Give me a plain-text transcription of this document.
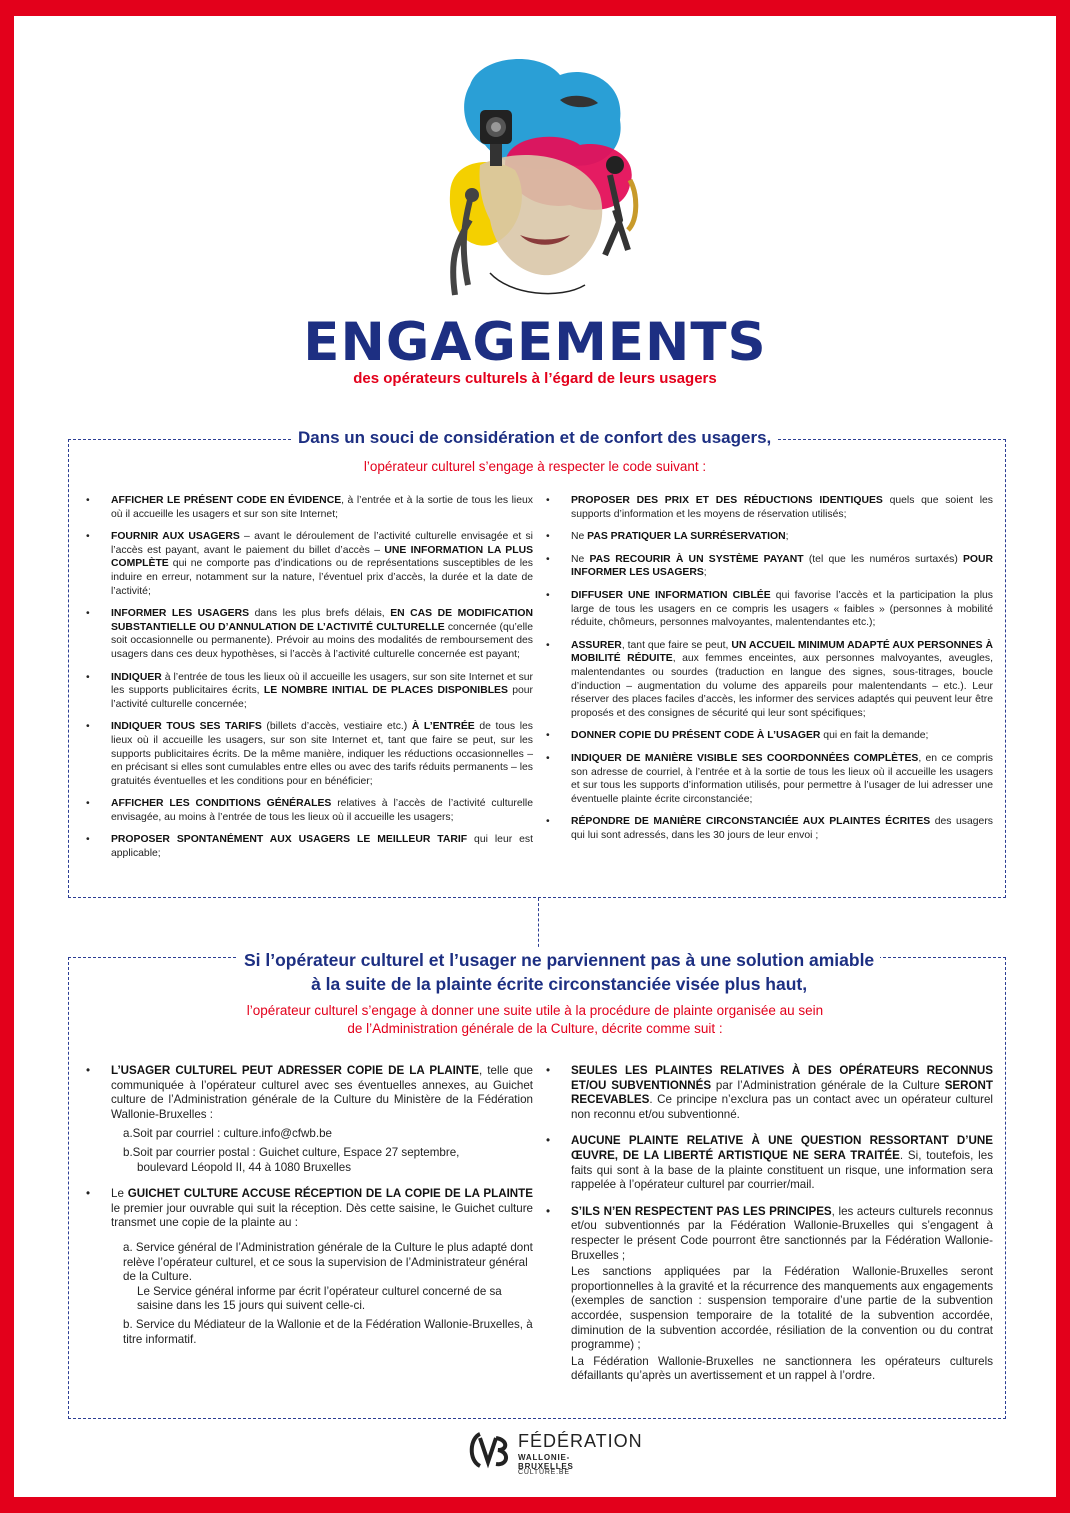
ENGAGEMENTS
des opérateurs culturels à l’égard de leurs usagers
Dans un souci de considération et de confort des usagers,
l’opérateur culturel s’engage à respecter le code suivant :
• AFFICHER LE PRÉSENT CODE EN ÉVIDENCE, à l’entrée et à la sortie de tous les lieux où il accueille les usagers et sur son site Internet;
• FOURNIR AUX USAGERS – avant le déroulement de l’activité culturelle envisagée et si l’accès est payant, avant le paiement du billet d’accès – UNE INFORMATION LA PLUS COMPLÈTE qui ne comporte pas d’indications ou de représentations susceptibles de les induire en erreur, notamment sur la nature, l’éventuel prix d’accès, la durée et la date de l’activité;
• INFORMER LES USAGERS dans les plus brefs délais, EN CAS DE MODIFICATION SUBSTANTIELLE OU D’ANNULATION DE L’ACTIVITÉ CULTURELLE concernée (qu’elle soit occasionnelle ou permanente). Prévoir au moins des modalités de remboursement des usagers dans ces deux hypothèses, si l’accès à l’activité culturelle concernée est payant;
• INDIQUER à l’entrée de tous les lieux où il accueille les usagers, sur son site Internet et sur les supports publicitaires écrits, LE NOMBRE INITIAL DE PLACES DISPONIBLES pour l’activité culturelle concernée;
• INDIQUER TOUS SES TARIFS (billets d’accès, vestiaire etc.) À L’ENTRÉE de tous les lieux où il accueille les usagers, sur son site Internet et, tant que faire se peut, sur les supports publicitaires écrits. De la même manière, indiquer les réductions occasionnelles – en précisant si elles sont cumulables entre elles ou avec des tarifs réduits permanents – les gratuités éventuelles et les conditions pour en bénéficier;
• AFFICHER LES CONDITIONS GÉNÉRALES relatives à l’accès de l’activité culturelle envisagée, au moins à l’entrée de tous les lieux où il accueille les usagers;
• PROPOSER SPONTANÉMENT AUX USAGERS LE MEILLEUR TARIF qui leur est applicable;
• PROPOSER DES PRIX ET DES RÉDUCTIONS IDENTIQUES quels que soient les supports d’information et les moyens de réservation utilisés;
• Ne PAS PRATIQUER LA SURRÉSERVATION;
• Ne PAS RECOURIR À UN SYSTÈME PAYANT (tel que les numéros surtaxés) POUR INFORMER LES USAGERS;
• DIFFUSER UNE INFORMATION CIBLÉE qui favorise l’accès et la participation la plus large de tous les usagers en ce compris les usagers « faibles » (personnes à mobilité réduite, chômeurs, personnes malvoyantes, malentendantes etc.);
• ASSURER, tant que faire se peut, UN ACCUEIL MINIMUM ADAPTÉ AUX PERSONNES À MOBILITÉ RÉDUITE, aux femmes enceintes, aux personnes malvoyantes, aveugles, malentendantes ou sourdes (traduction en langue des signes, sous-titrages, boucle d’induction – augmentation du volume des appareils pour malentendants – etc.). Leur réserver des places faciles d’accès, les informer des services adaptés qui peuvent leur être proposés et des consignes de sécurité qui leur sont spécifiques;
• DONNER COPIE DU PRÉSENT CODE À L’USAGER qui en fait la demande;
• INDIQUER DE MANIÈRE VISIBLE SES COORDONNÉES COMPLÈTES, en ce compris son adresse de courriel, à l’entrée et à la sortie de tous les lieux où il accueille les usagers et sur tous les supports d’information utilisés, pour permettre à l’usager de lui adresser une éventuelle plainte écrite circonstanciée;
• RÉPONDRE DE MANIÈRE CIRCONSTANCIÉE AUX PLAINTES ÉCRITES des usagers qui lui sont adressés, dans les 30 jours de leur envoi ;
Si l’opérateur culturel et l’usager ne parviennent pas à une solution amiable
à la suite de la plainte écrite circonstanciée visée plus haut,
l’opérateur culturel s’engage à donner une suite utile à la procédure de plainte organisée au sein
de l’Administration générale de la Culture, décrite comme suit :
• L’USAGER CULTUREL PEUT ADRESSER COPIE DE LA PLAINTE, telle que communiquée à l’opérateur culturel avec ses éventuelles annexes, au Guichet culture de l’Administration générale de la Culture du Ministère de la Fédération Wallonie-Bruxelles :
a.Soit par courriel : culture.info@cfwb.be
b.Soit par courrier postal : Guichet culture, Espace 27 septembre,
boulevard Léopold II, 44 à 1080 Bruxelles
• Le GUICHET CULTURE ACCUSE RÉCEPTION DE LA COPIE DE LA PLAINTE le premier jour ouvrable qui suit la réception. Dès cette saisine, le Guichet culture transmet une copie de la plainte au :
a. Service général de l’Administration générale de la Culture le plus adapté dont relève l’opérateur culturel, et ce sous la supervision de l’Administrateur général de la Culture.
Le Service général informe par écrit l’opérateur culturel concerné de sa saisine dans les 15 jours qui suivent celle-ci.
b. Service du Médiateur de la Wallonie et de la Fédération Wallonie-Bruxelles, à titre informatif.
• SEULES LES PLAINTES RELATIVES À DES OPÉRATEURS RECONNUS ET/OU SUBVENTIONNÉS par l’Administration générale de la Culture SERONT RECEVABLES. Ce principe n’exclura pas un contact avec un opérateur culturel non reconnu et/ou subventionné.
• AUCUNE PLAINTE RELATIVE À UNE QUESTION RESSORTANT D’UNE ŒUVRE, DE LA LIBERTÉ ARTISTIQUE NE SERA TRAITÉE. Si, toutefois, les faits qui sont à la base de la plainte constituent un risque, une information sera rappelée à l’opérateur culturel par courrier/mail.
• S’ILS N’EN RESPECTENT PAS LES PRINCIPES, les acteurs culturels reconnus et/ou subventionnés par la Fédération Wallonie-Bruxelles qui s’engagent à respecter le présent Code pourront être sanctionnés par la Fédération Wallonie-Bruxelles ;
Les sanctions appliquées par la Fédération Wallonie-Bruxelles seront proportionnelles à la gravité et la récurrence des manquements aux engagements (exemples de sanction : suspension temporaire d’une partie de la subvention accordée, suspension temporaire de la totalité de la subvention accordée, diminution de la subvention accordée, résiliation de la convention ou du contrat programme) ;
La Fédération Wallonie-Bruxelles ne sanctionnera les opérateurs culturels défaillants qu’après un avertissement et un rappel à l’ordre.
FÉDÉRATION
WALLONIE-BRUXELLES
CULTURE.BE
